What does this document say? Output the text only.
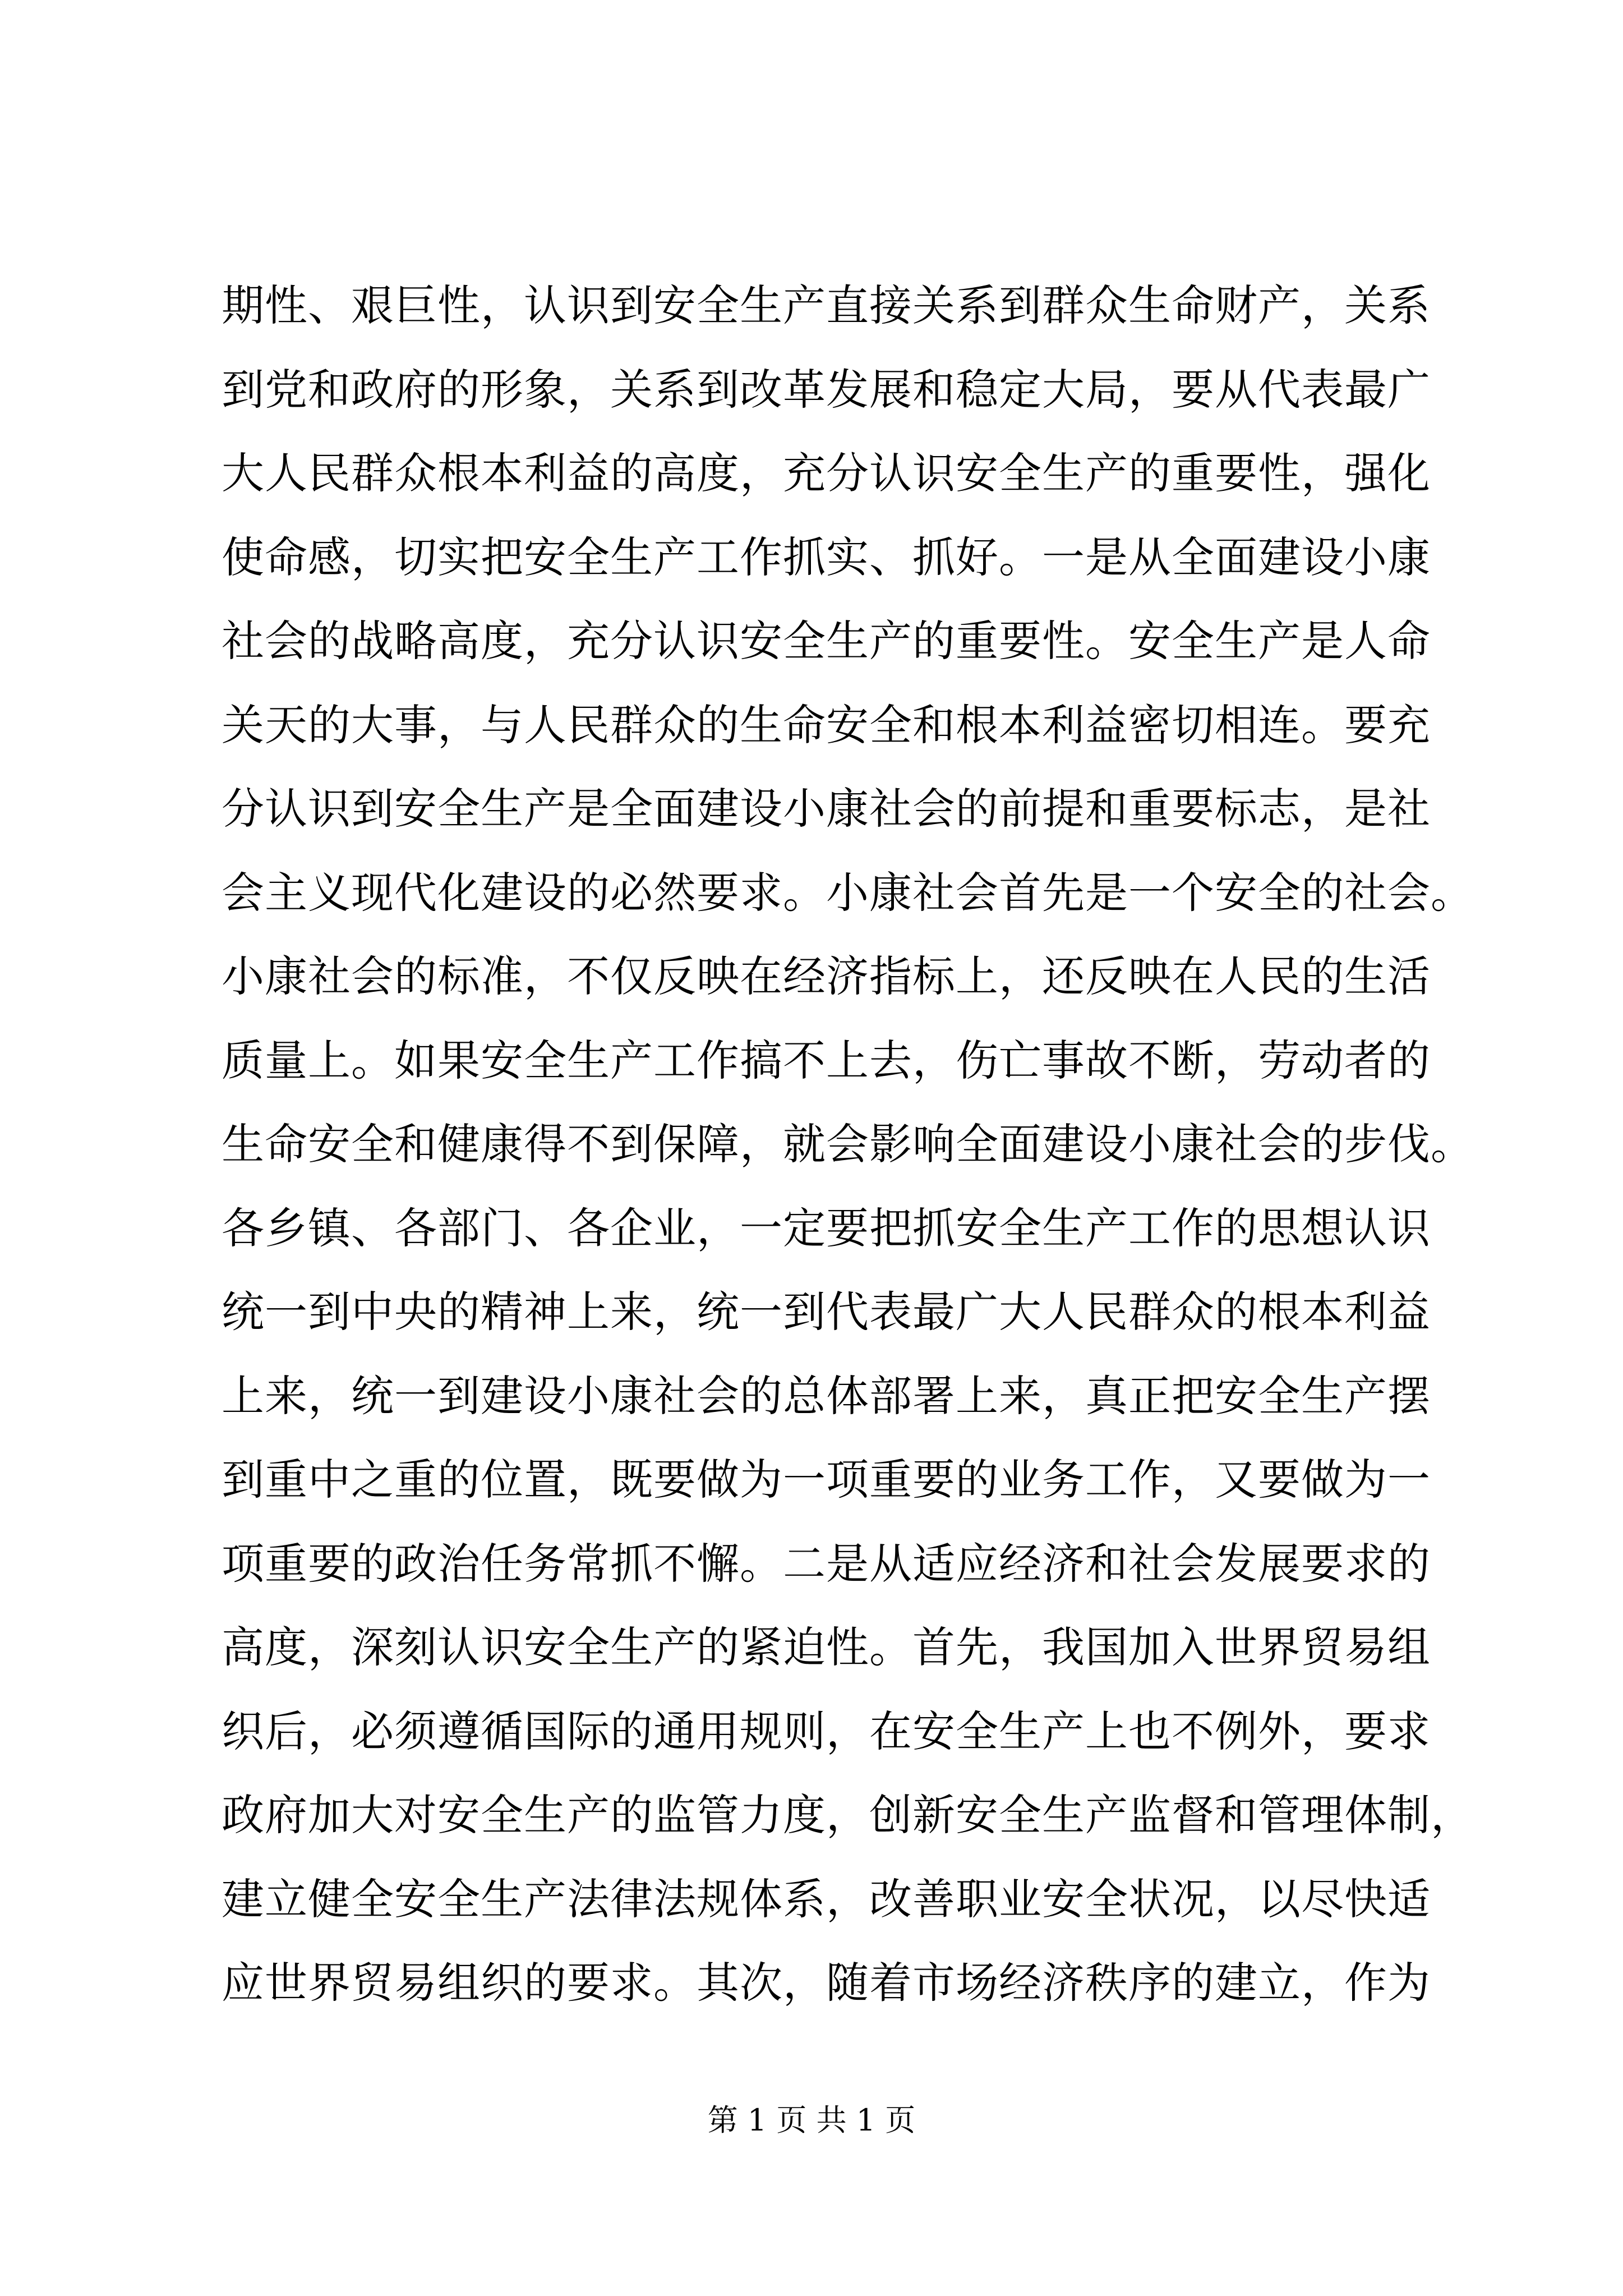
期性、艰巨性，认识到安全生产直接关系到群众生命财产，关系
到党和政府的形象，关系到改革发展和稳定大局，要从代表最广
大人民群众根本利益的高度，充分认识安全生产的重要性，强化
使命感，切实把安全生产工作抓实、抓好。一是从全面建设小康
社会的战略高度，充分认识安全生产的重要性。安全生产是人命
关天的大事，与人民群众的生命安全和根本利益密切相连。要充
分认识到安全生产是全面建设小康社会的前提和重要标志，是社
会主义现代化建设的必然要求。小康社会首先是一个安全的社会。
小康社会的标准，不仅反映在经济指标上，还反映在人民的生活
质量上。如果安全生产工作搞不上去，伤亡事故不断，劳动者的
生命安全和健康得不到保障，就会影响全面建设小康社会的步伐。
各乡镇、各部门、各企业，一定要把抓安全生产工作的思想认识
统一到中央的精神上来，统一到代表最广大人民群众的根本利益
上来，统一到建设小康社会的总体部署上来，真正把安全生产摆
到重中之重的位置，既要做为一项重要的业务工作，又要做为一
项重要的政治任务常抓不懈。二是从适应经济和社会发展要求的
高度，深刻认识安全生产的紧迫性。首先，我国加入世界贸易组
织后，必须遵循国际的通用规则，在安全生产上也不例外，要求
政府加大对安全生产的监管力度，创新安全生产监督和管理体制，
建立健全安全生产法律法规体系，改善职业安全状况，以尽快适
应世界贸易组织的要求。其次，随着市场经济秩序的建立，作为
第 1 页 共 1 页
